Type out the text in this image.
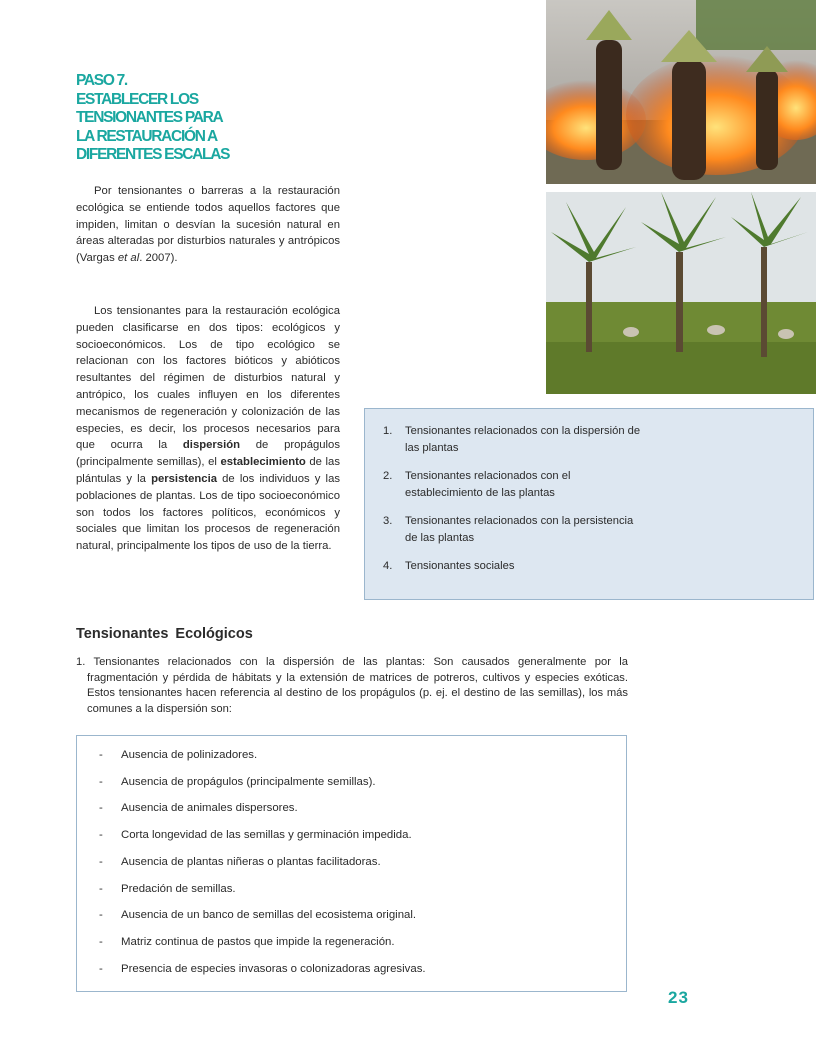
PASO 7.
ESTABLECER LOS
TENSIONANTES PARA
LA RESTAURACIÓN A
DIFERENTES ESCALAS

Por tensionantes o barreras a la restauración ecológica se entiende todos aquellos factores que impiden, limitan o desvían la sucesión natural en áreas alteradas por disturbios naturales y antrópicos (Vargas et al. 2007).

Los tensionantes para la restauración ecológica pueden clasificarse en dos tipos: ecológicos y socioeconómicos. Los de tipo ecológico se relacionan con los factores bióticos y abióticos resultantes del régimen de disturbios natural y antrópico, los cuales influyen en los diferentes mecanismos de regeneración y colonización de las especies, es decir, los procesos necesarios para que ocurra la dispersión de propágulos (principalmente semillas), el establecimiento de las plántulas y la persistencia de los individuos y las poblaciones de plantas. Los de tipo socioeconómico son todos los factores políticos, económicos y sociales que limitan los procesos de regeneración natural, principalmente los tipos de uso de la tierra.

1.	Tensionantes relacionados con la dispersión de las plantas
2.	Tensionantes relacionados con el establecimiento de las plantas
3.	Tensionantes relacionados con la persistencia de las plantas
4.	Tensionantes sociales
Tensionantes Ecológicos

1. Tensionantes relacionados con la dispersión de las plantas: Son causados generalmente por la fragmentación y pérdida de hábitats y la extensión de matrices de potreros, cultivos y especies exóticas. Estos tensionantes hacen referencia al destino de los propágulos (p. ej. el destino de las semillas), los más comunes a la dispersión son:

-	Ausencia de polinizadores.
-	Ausencia de propágulos (principalmente semillas).
-	Ausencia de animales dispersores.
-	Corta longevidad de las semillas y germinación impedida.
-	Ausencia de plantas niñeras o plantas facilitadoras.
-	Predación de semillas.
-	Ausencia de un banco de semillas del ecosistema original.
-	Matriz continua de pastos que impide la regeneración.
-	Presencia de especies invasoras o colonizadoras agresivas.
23
